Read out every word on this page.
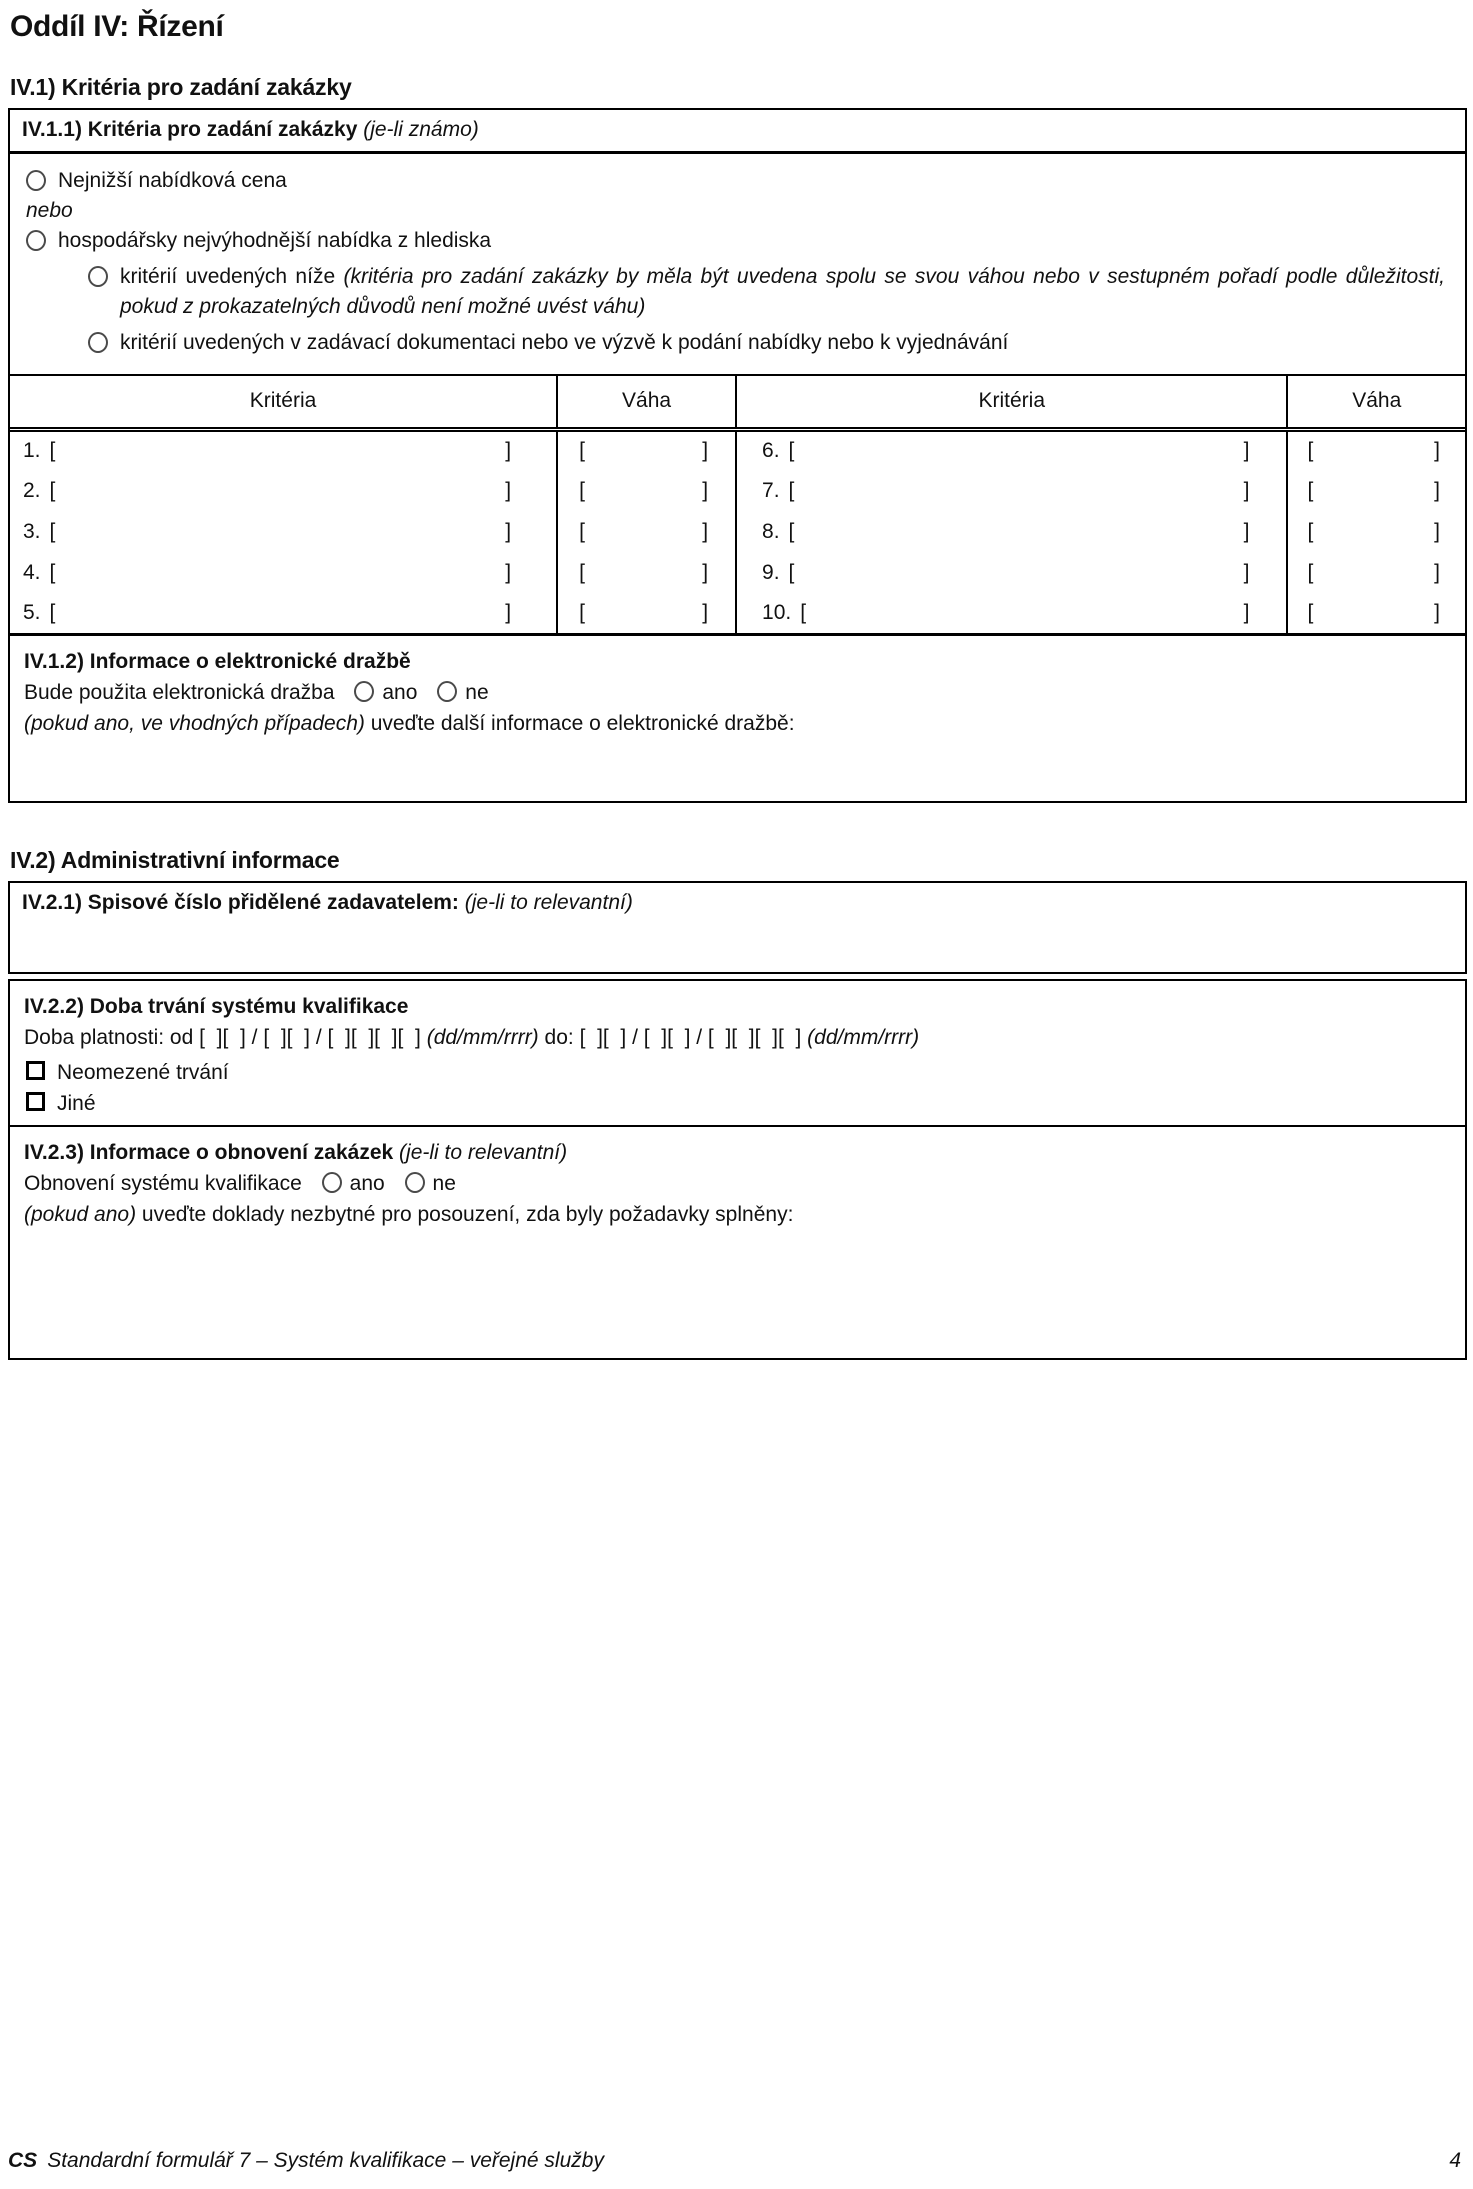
Oddíl IV: Řízení
IV.1) Kritéria pro zadání zakázky
IV.1.1) Kritéria pro zadání zakázky (je-li známo)
Nejnižší nabídková cena
nebo
hospodářsky nejvýhodnější nabídka z hlediska
kritérií uvedených níže (kritéria pro zadání zakázky by měla být uvedena spolu se svou váhou nebo v sestupném pořadí podle důležitosti, pokud z prokazatelných důvodů není možné uvést váhu)
kritérií uvedených v zadávací dokumentaci nebo ve výzvě k podání nabídky nebo k vyjednávání
Kritéria	Váha	Kritéria	Váha

1. [ ]	[ ]	6. [ ]	[ ]

2. [ ]	[ ]	7. [ ]	[ ]

3. [ ]	[ ]	8. [ ]	[ ]

4. [ ]	[ ]	9. [ ]	[ ]

5. [ ]	[ ]	10. [ ]	[ ]
IV.1.2) Informace o elektronické dražbě
Bude použita elektronická dražba ano ne
(pokud ano, ve vhodných případech) uveďte další informace o elektronické dražbě:
IV.2) Administrativní informace
IV.2.1) Spisové číslo přidělené zadavatelem: (je-li to relevantní)
IV.2.2) Doba trvání systému kvalifikace
Doba platnosti: od [  ][  ] / [  ][  ] / [  ][  ][  ][  ] (dd/mm/rrrr) do: [  ][  ] / [  ][  ] / [  ][  ][  ][  ] (dd/mm/rrrr)
Neomezené trvání
Jiné
IV.2.3) Informace o obnovení zakázek (je-li to relevantní)
Obnovení systému kvalifikace ano ne
(pokud ano) uveďte doklady nezbytné pro posouzení, zda byly požadavky splněny:
CS Standardní formulář 7 – Systém kvalifikace – veřejné služby	4
